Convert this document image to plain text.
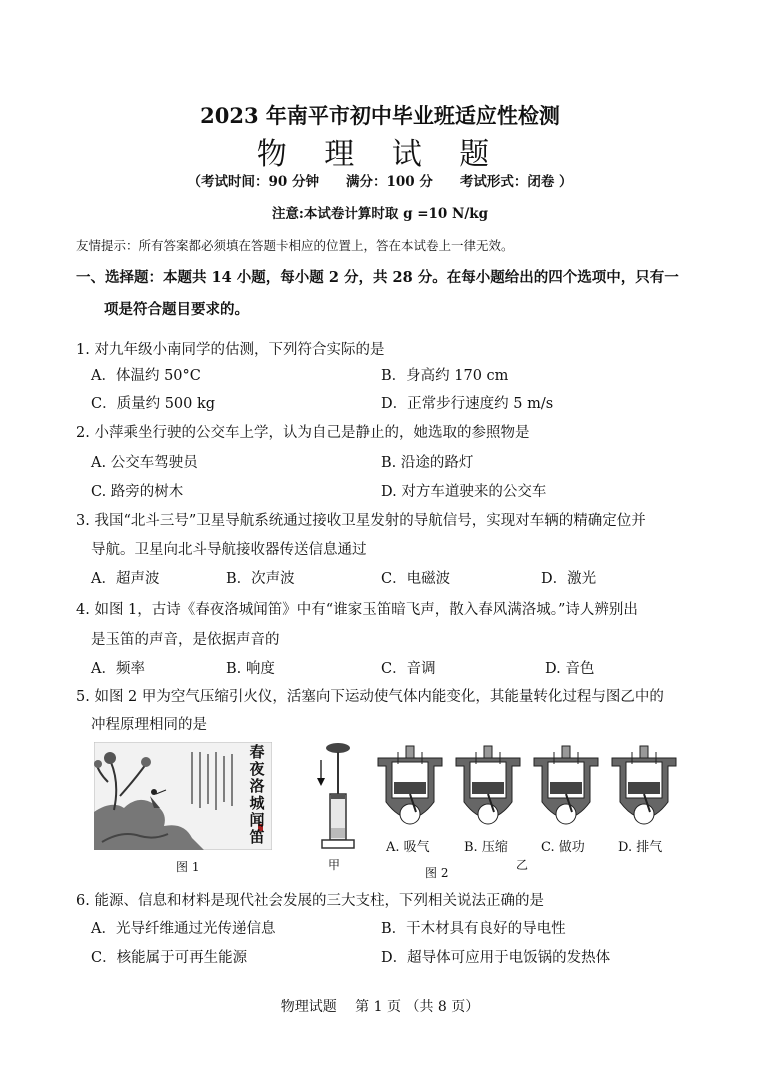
2023 年南平市初中毕业班适应性检测
物 理 试 题
（考试时间：90 分钟　　满分：100 分　　考试形式：闭卷 ）
注意:本试卷计算时取 g =10 N/kg
友情提示：所有答案都必须填在答题卡相应的位置上，答在本试卷上一律无效。
一、选择题：本题共 14 小题，每小题 2 分，共 28 分。在每小题给出的四个选项中，只有一
项是符合题目要求的。
1. 对九年级小南同学的估测，下列符合实际的是
A．体温约 50°C	B．身高约 170 cm
C．质量约 500 kg	D．正常步行速度约 5 m/s
2. 小萍乘坐行驶的公交车上学，认为自己是静止的，她选取的参照物是
A. 公交车驾驶员	B. 沿途的路灯
C. 路旁的树木	D. 对方车道驶来的公交车
3. 我国“北斗三号”卫星导航系统通过接收卫星发射的导航信号，实现对车辆的精确定位并
导航。卫星向北斗导航接收器传送信息通过
A．超声波	B．次声波	C．电磁波	D．激光
4. 如图 1，古诗《春夜洛城闻笛》中有“谁家玉笛暗飞声，散入春风满洛城。”诗人辨别出
是玉笛的声音，是依据声音的
A．频率	B. 响度	C．音调	D. 音色
5. 如图 2 甲为空气压缩引火仪，活塞向下运动使气体内能变化，其能量转化过程与图乙中的
冲程原理相同的是
春夜洛城闻笛
图 1	甲
A. 吸气	B. 压缩	C. 做功	D. 排气
乙
图 2
6. 能源、信息和材料是现代社会发展的三大支柱，下列相关说法正确的是
A．光导纤维通过光传递信息	B．干木材具有良好的导电性
C．核能属于可再生能源	D．超导体可应用于电饭锅的发热体
物理试题　 第 1 页 （共 8 页）
